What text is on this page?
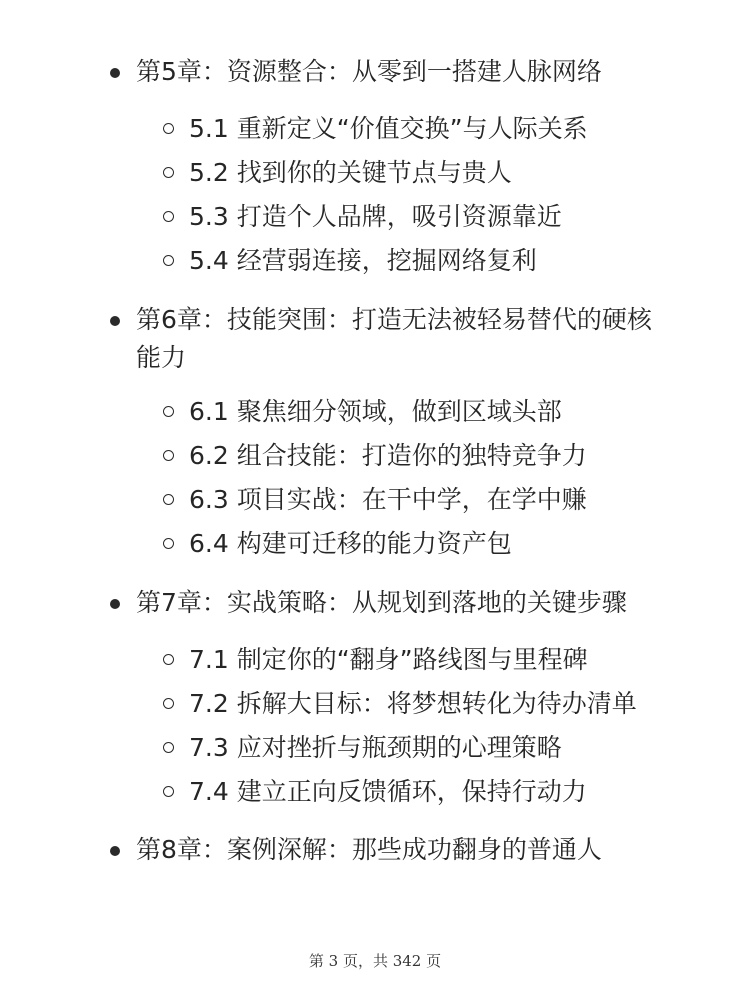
第5章：资源整合：从零到一搭建人脉网络
5.1 重新定义“价值交换”与人际关系
5.2 找到你的关键节点与贵人
5.3 打造个人品牌，吸引资源靠近
5.4 经营弱连接，挖掘网络复利
第6章：技能突围：打造无法被轻易替代的硬核能力
6.1 聚焦细分领域，做到区域头部
6.2 组合技能：打造你的独特竞争力
6.3 项目实战：在干中学，在学中赚
6.4 构建可迁移的能力资产包
第7章：实战策略：从规划到落地的关键步骤
7.1 制定你的“翻身”路线图与里程碑
7.2 拆解大目标：将梦想转化为待办清单
7.3 应对挫折与瓶颈期的心理策略
7.4 建立正向反馈循环，保持行动力
第8章：案例深解：那些成功翻身的普通人
第 3 页，共 342 页
